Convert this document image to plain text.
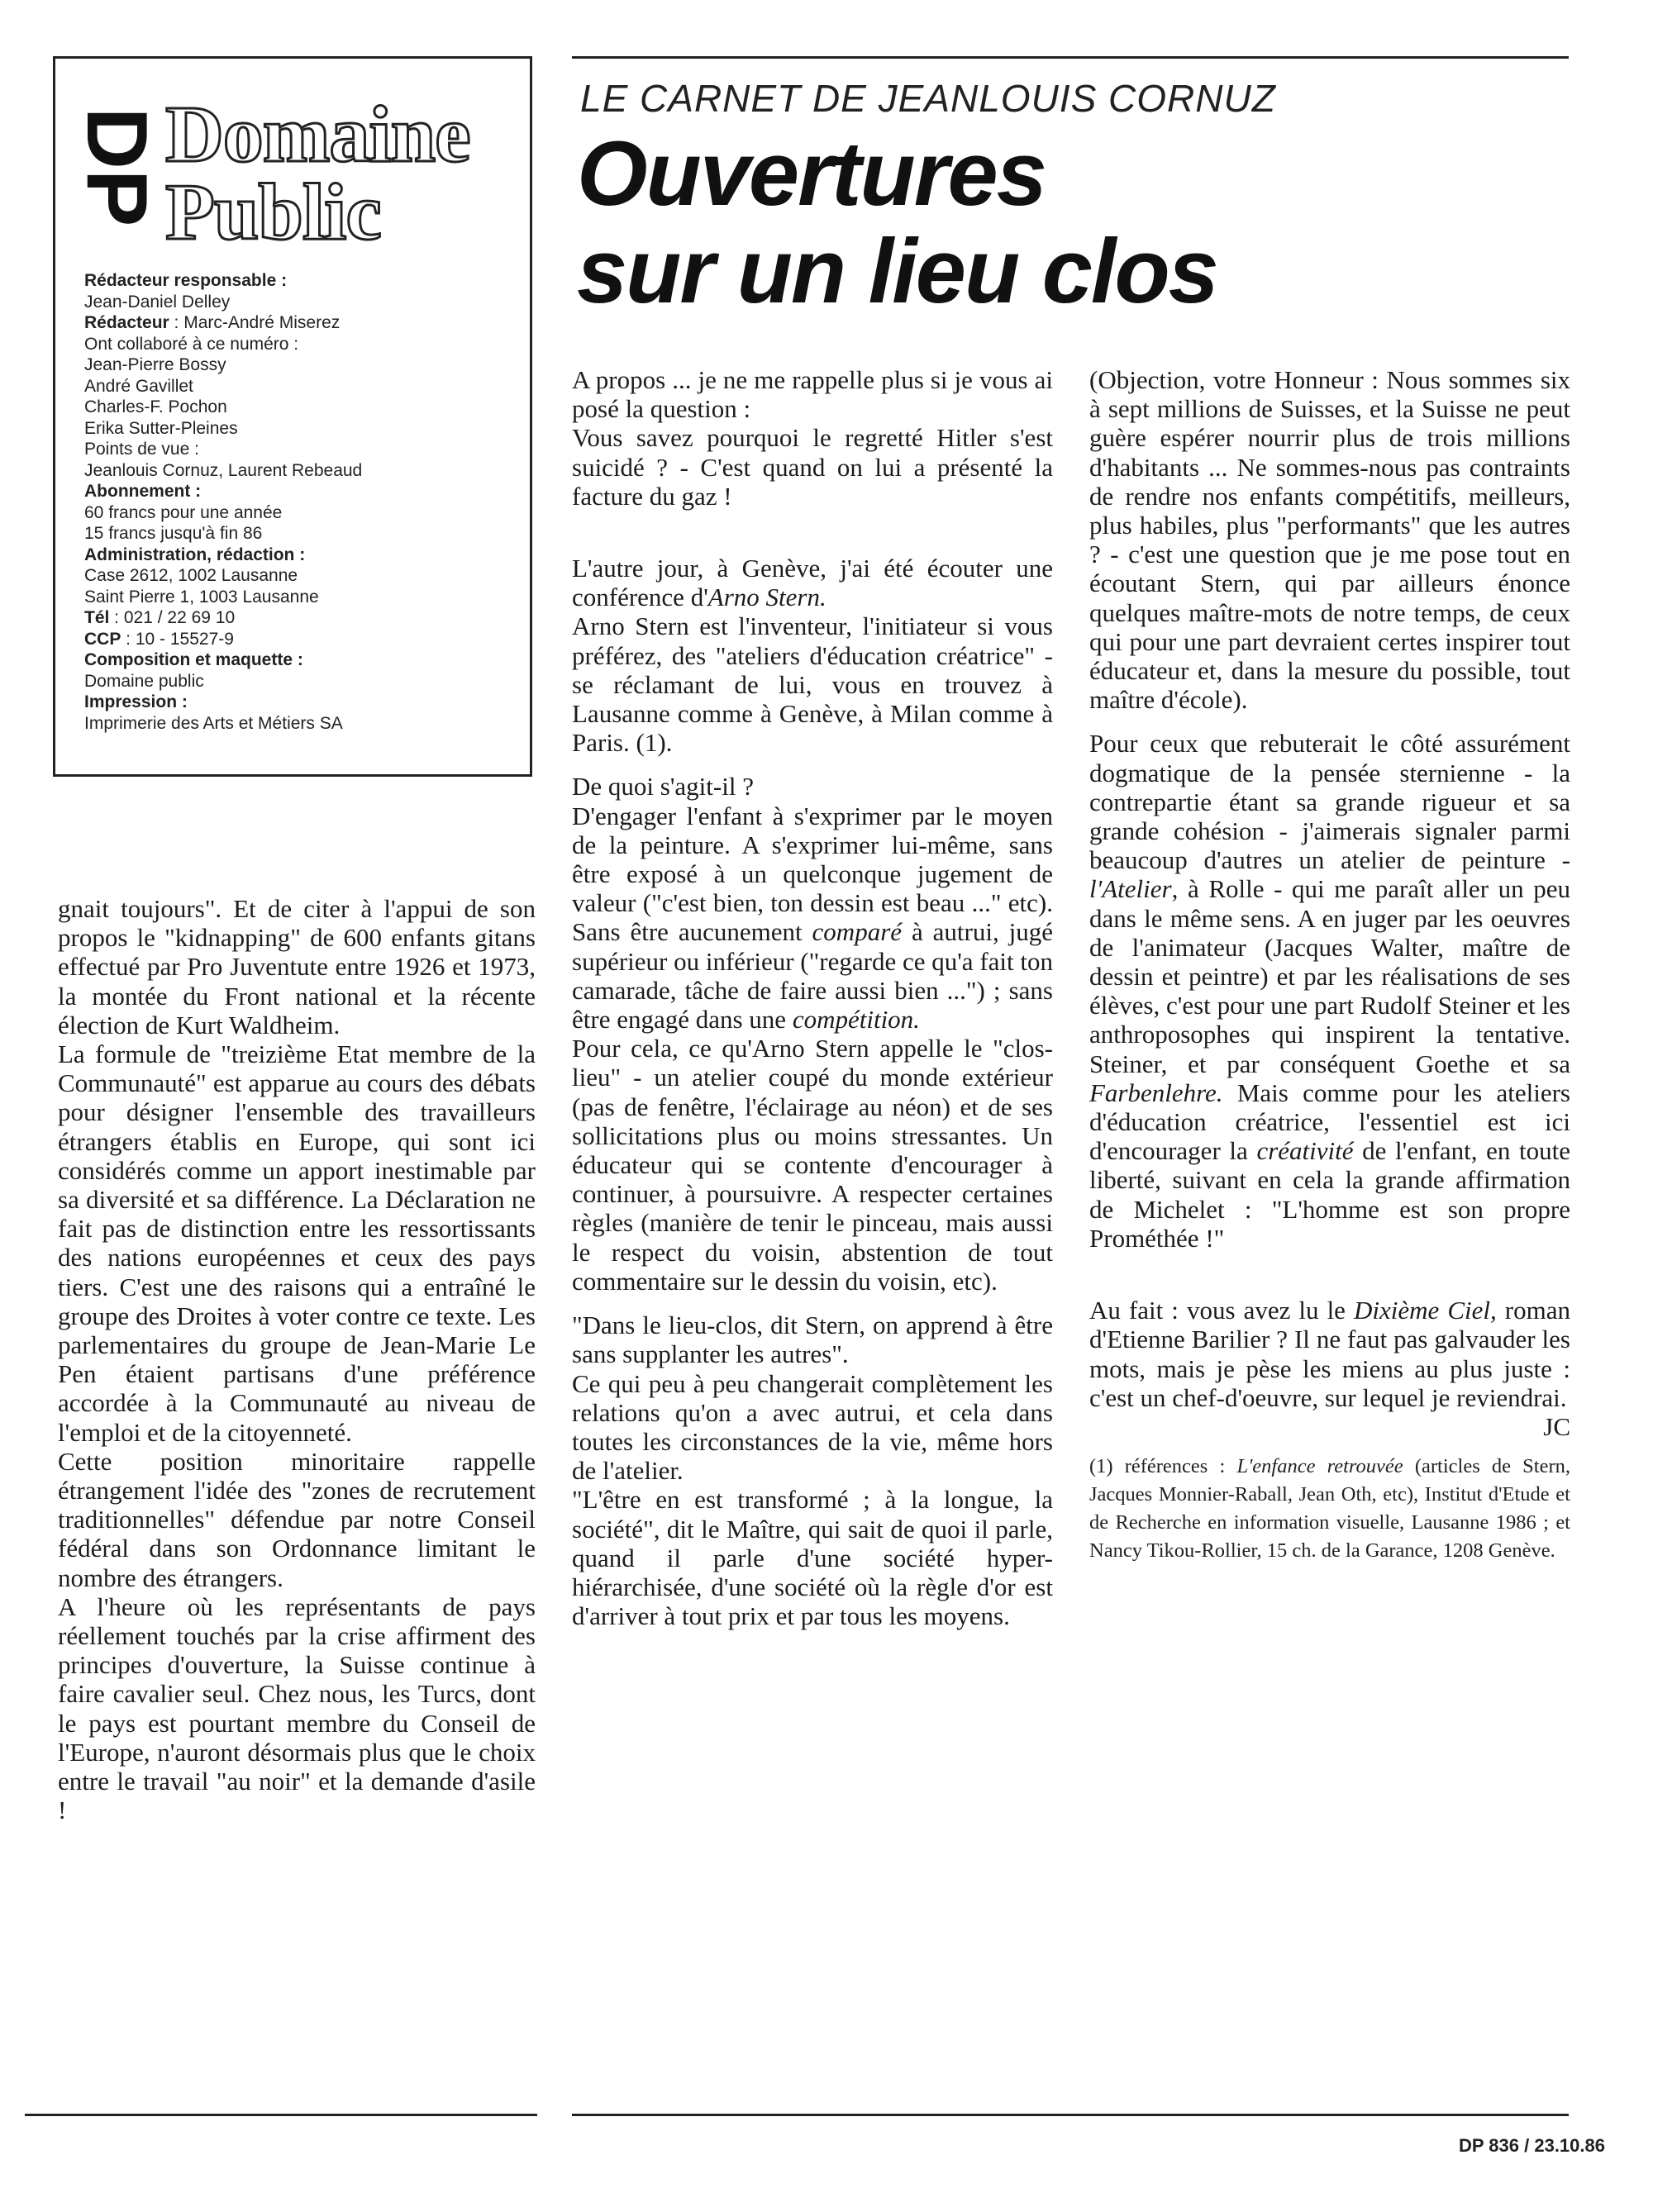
DP Domaine
Public
Rédacteur responsable :
Jean-Daniel Delley
Rédacteur : Marc-André Miserez
Ont collaboré à ce numéro :
Jean-Pierre Bossy
André Gavillet
Charles-F. Pochon
Erika Sutter-Pleines
Points de vue :
Jeanlouis Cornuz, Laurent Rebeaud
Abonnement :
60 francs pour une année
15 francs jusqu'à fin 86
Administration, rédaction :
Case 2612, 1002 Lausanne
Saint Pierre 1, 1003 Lausanne
Tél : 021 / 22 69 10
CCP : 10 - 15527-9
Composition et maquette :
Domaine public
Impression :
Imprimerie des Arts et Métiers SA
LE CARNET DE JEANLOUIS CORNUZ
Ouvertures
sur un lieu clos

gnait toujours". Et de citer à l'appui de son propos le "kidnapping" de 600 enfants gitans effectué par Pro Juventute entre 1926 et 1973, la montée du Front national et la récente élection de Kurt Waldheim.

La formule de "treizième Etat membre de la Communauté" est apparue au cours des débats pour désigner l'ensemble des travailleurs étrangers établis en Europe, qui sont ici considérés comme un apport inestimable par sa diversité et sa différence. La Déclaration ne fait pas de distinction entre les ressortissants des nations européennes et ceux des pays tiers. C'est une des raisons qui a entraîné le groupe des Droites à voter contre ce texte. Les parlementaires du groupe de Jean-Marie Le Pen étaient partisans d'une préférence accordée à la Communauté au niveau de l'emploi et de la citoyenneté.

Cette position minoritaire rappelle étrangement l'idée des "zones de recrutement traditionnelles" défendue par notre Conseil fédéral dans son Ordonnance limitant le nombre des étrangers.

A l'heure où les représentants de pays réellement touchés par la crise affirment des principes d'ouverture, la Suisse continue à faire cavalier seul. Chez nous, les Turcs, dont le pays est pourtant membre du Conseil de l'Europe, n'auront désormais plus que le choix entre le travail "au noir" et la demande d'asile !

A propos ... je ne me rappelle plus si je vous ai posé la question :

Vous savez pourquoi le regretté Hitler s'est suicidé ? - C'est quand on lui a présenté la facture du gaz !

L'autre jour, à Genève, j'ai été écouter une conférence d'Arno Stern.

Arno Stern est l'inventeur, l'initiateur si vous préférez, des "ateliers d'éducation créatrice" - se réclamant de lui, vous en trouvez à Lausanne comme à Genève, à Milan comme à Paris. (1).

De quoi s'agit-il ?

D'engager l'enfant à s'exprimer par le moyen de la peinture. A s'exprimer lui-même, sans être exposé à un quelconque jugement de valeur ("c'est bien, ton dessin est beau ..." etc). Sans être aucunement comparé à autrui, jugé supérieur ou inférieur ("regarde ce qu'a fait ton camarade, tâche de faire aussi bien ...") ; sans être engagé dans une compétition.

Pour cela, ce qu'Arno Stern appelle le "clos-lieu" - un atelier coupé du monde extérieur (pas de fenêtre, l'éclairage au néon) et de ses sollicitations plus ou moins stressantes. Un éducateur qui se contente d'encourager à continuer, à poursuivre. A respecter certaines règles (manière de tenir le pinceau, mais aussi le respect du voisin, abstention de tout commentaire sur le dessin du voisin, etc).

"Dans le lieu-clos, dit Stern, on apprend à être sans supplanter les autres".

Ce qui peu à peu changerait complètement les relations qu'on a avec autrui, et cela dans toutes les circonstances de la vie, même hors de l'atelier.

"L'être en est transformé ; à la longue, la société", dit le Maître, qui sait de quoi il parle, quand il parle d'une société hyper-hiérarchisée, d'une société où la règle d'or est d'arriver à tout prix et par tous les moyens.

(Objection, votre Honneur : Nous sommes six à sept millions de Suisses, et la Suisse ne peut guère espérer nourrir plus de trois millions d'habitants ... Ne sommes-nous pas contraints de rendre nos enfants compétitifs, meilleurs, plus habiles, plus "performants" que les autres ? - c'est une question que je me pose tout en écoutant Stern, qui par ailleurs énonce quelques maître-mots de notre temps, de ceux qui pour une part devraient certes inspirer tout éducateur et, dans la mesure du possible, tout maître d'école).

Pour ceux que rebuterait le côté assurément dogmatique de la pensée sternienne - la contrepartie étant sa grande rigueur et sa grande cohésion - j'aimerais signaler parmi beaucoup d'autres un atelier de peinture - l'Atelier, à Rolle - qui me paraît aller un peu dans le même sens. A en juger par les oeuvres de l'animateur (Jacques Walter, maître de dessin et peintre) et par les réalisations de ses élèves, c'est pour une part Rudolf Steiner et les anthroposophes qui inspirent la tentative. Steiner, et par conséquent Goethe et sa Farbenlehre. Mais comme pour les ateliers d'éducation créatrice, l'essentiel est ici d'encourager la créativité de l'enfant, en toute liberté, suivant en cela la grande affirmation de Michelet : "L'homme est son propre Prométhée !"

Au fait : vous avez lu le Dixième Ciel, roman d'Etienne Barilier ? Il ne faut pas galvauder les mots, mais je pèse les miens au plus juste : c'est un chef-d'oeuvre, sur lequel je reviendrai.

JC

(1) références : L'enfance retrouvée (articles de Stern, Jacques Monnier-Raball, Jean Oth, etc), Institut d'Etude et de Recherche en information visuelle, Lausanne 1986 ; et Nancy Tikou-Rollier, 15 ch. de la Garance, 1208 Genève.

DP 836 / 23.10.86
